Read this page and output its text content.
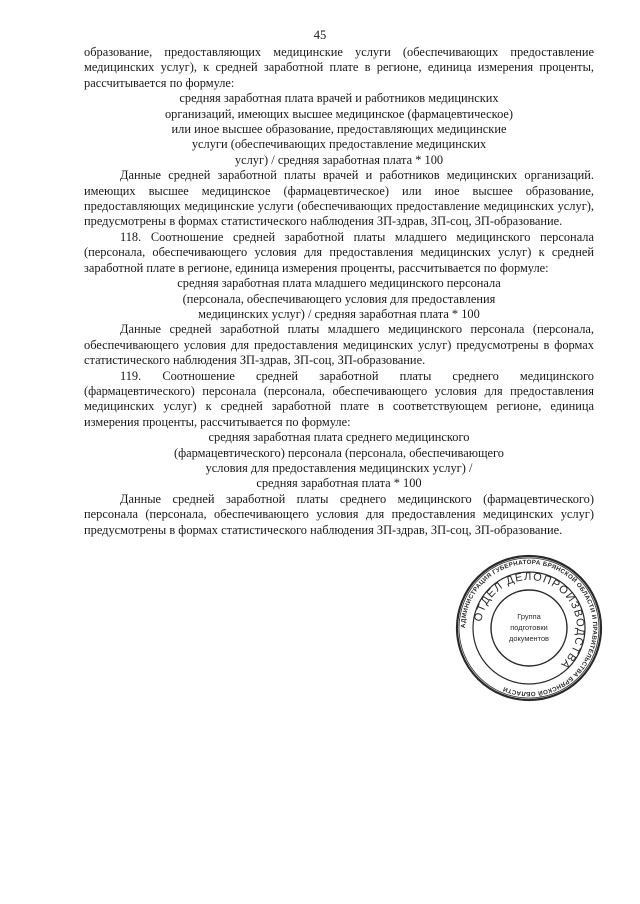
45

образование, предоставляющих медицинские услуги (обеспечивающих предоставление медицинских услуг), к средней заработной плате в регионе, единица измерения проценты, рассчитывается по формуле:

средняя заработная плата врачей и работников медицинских
организаций, имеющих высшее медицинское (фармацевтическое)
или иное высшее образование, предоставляющих медицинские
услуги (обеспечивающих предоставление медицинских
услуг) / средняя заработная плата * 100

Данные средней заработной платы врачей и работников медицинских организаций. имеющих высшее медицинское (фармацевтическое) или иное высшее образование, предоставляющих медицинские услуги (обеспечивающих предоставление медицинских услуг), предусмотрены в формах статистического наблюдения ЗП-здрав, ЗП-соц, ЗП-образование.

118. Соотношение средней заработной платы младшего медицинского персонала (персонала, обеспечивающего условия для предоставления медицинских услуг) к средней заработной плате в регионе, единица измерения проценты, рассчитывается по формуле:

средняя заработная плата младшего медицинского персонала
(персонала, обеспечивающего условия для предоставления
медицинских услуг) / средняя заработная плата * 100

Данные средней заработной платы младшего медицинского персонала (персонала, обеспечивающего условия для предоставления медицинских услуг) предусмотрены в формах статистического наблюдения ЗП-здрав, ЗП-соц, ЗП-образование.

119. Соотношение средней заработной платы среднего медицинского (фармацевтического) персонала (персонала, обеспечивающего условия для предоставления медицинских услуг) к средней заработной плате в соответствующем регионе, единица измерения проценты, рассчитывается по формуле:

средняя заработная плата среднего медицинского
(фармацевтического) персонала (персонала, обеспечивающего
условия для предоставления медицинских услуг) /
средняя заработная плата * 100

Данные средней заработной платы среднего медицинского (фармацевтического) персонала (персонала, обеспечивающего условия для предоставления медицинских услуг) предусмотрены в формах статистического наблюдения ЗП-здрав, ЗП-соц, ЗП-образование.

АДМИНИСТРАЦИЯ ГУБЕРНАТОРА БРЯНСКОЙ ОБЛАСТИ И ПРАВИТЕЛЬСТВА БРЯНСКОЙ ОБЛАСТИ
ОТДЕЛ ДЕЛОПРОИЗВОДСТВА
Группа
подготовки
документов
